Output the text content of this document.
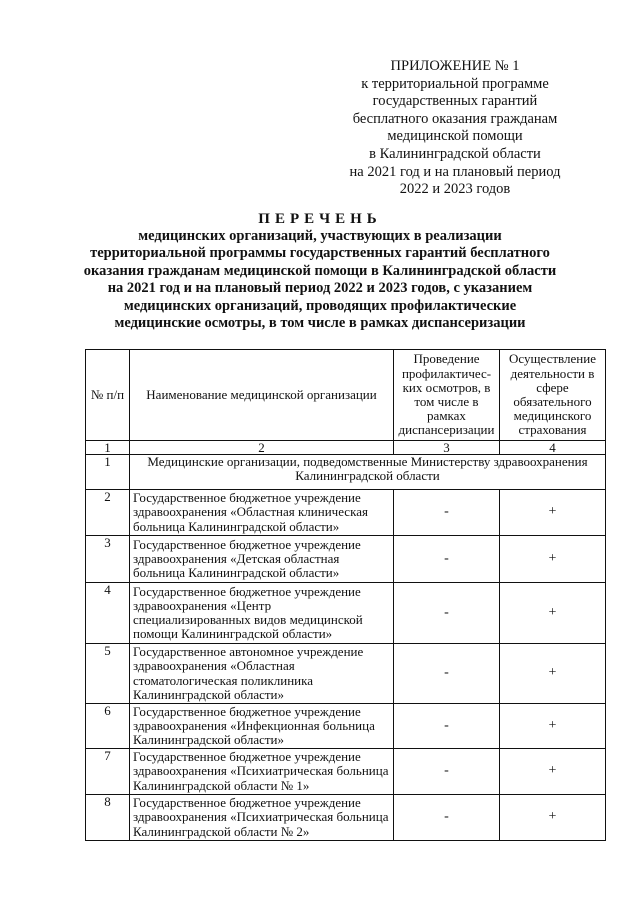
ПРИЛОЖЕНИЕ № 1
к территориальной программе
государственных гарантий
бесплатного оказания гражданам
медицинской помощи
в Калининградской области
на 2021 год и на плановый период
2022 и 2023 годов
ПЕРЕЧЕНЬ
медицинских организаций, участвующих в реализации
территориальной программы государственных гарантий бесплатного
оказания гражданам медицинской помощи в Калининградской области
на 2021 год и на плановый период 2022 и 2023 годов, с указанием
медицинских организаций, проводящих профилактические
медицинские осмотры, в том числе в рамках диспансеризации
№ п/п	Наименование медицинской организации	Проведение профилактичес-ких осмотров, в том числе в рамках диспансеризации	Осуществление деятельности в сфере обязательного медицинского страхования
1	2	3	4
1	Медицинские организации, подведомственные Министерству здравоохранения Калининградской области		
2	Государственное бюджетное учреждение здравоохранения «Областная клиническая больница Калининградской области»	-	+
3	Государственное бюджетное учреждение здравоохранения «Детская областная больница Калининградской области»	-	+
4	Государственное бюджетное учреждение здравоохранения «Центр специализированных видов медицинской помощи Калининградской области»	-	+
5	Государственное автономное учреждение здравоохранения «Областная стоматологическая поликлиника Калининградской области»	-	+
6	Государственное бюджетное учреждение здравоохранения «Инфекционная больница Калининградской области»	-	+
7	Государственное бюджетное учреждение здравоохранения «Психиатрическая больница Калининградской области № 1»	-	+
8	Государственное бюджетное учреждение здравоохранения «Психиатрическая больница Калининградской области № 2»	-	+
